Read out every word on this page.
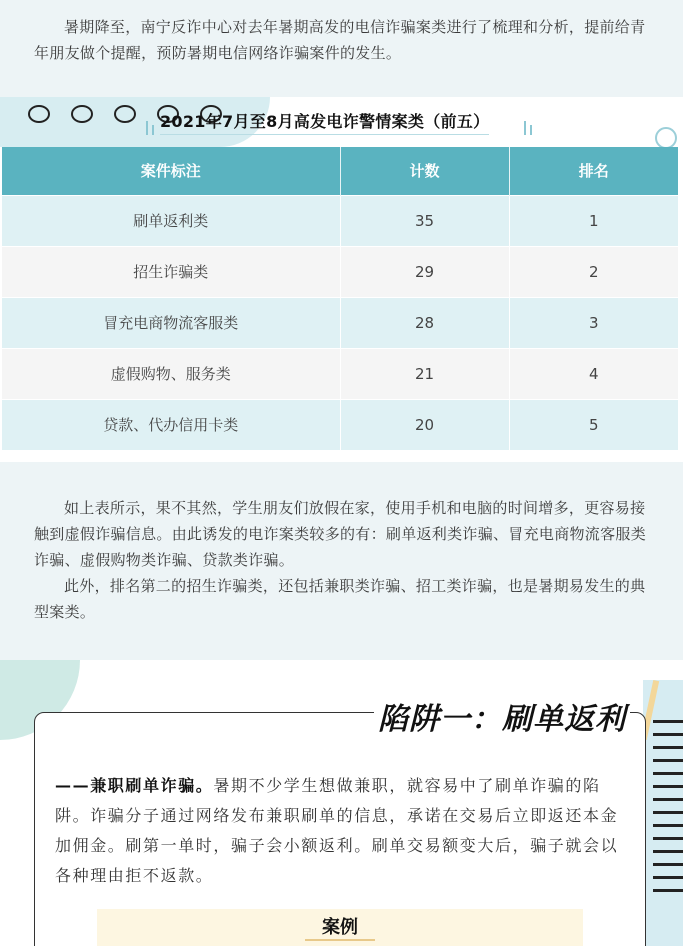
暑期降至，南宁反诈中心对去年暑期高发的电信诈骗案类进行了梳理和分析，提前给青年朋友做个提醒，预防暑期电信网络诈骗案件的发生。

2021年7月至8月高发电诈警情案类（前五）
案件标注	计数	排名
刷单返利类	35	1
招生诈骗类	29	2
冒充电商物流客服类	28	3
虚假购物、服务类	21	4
贷款、代办信用卡类	20	5

如上表所示，果不其然，学生朋友们放假在家，使用手机和电脑的时间增多，更容易接触到虚假诈骗信息。由此诱发的电诈案类较多的有：刷单返利类诈骗、冒充电商物流客服类诈骗、虚假购物类诈骗、贷款类诈骗。

此外，排名第二的招生诈骗类，还包括兼职类诈骗、招工类诈骗，也是暑期易发生的典型案类。

——兼职刷单诈骗。暑期不少学生想做兼职，就容易中了刷单诈骗的陷阱。诈骗分子通过网络发布兼职刷单的信息，承诺在交易后立即返还本金加佣金。刷第一单时，骗子会小额返利。刷单交易额变大后，骗子就会以各种理由拒不返款。

案例
陷阱一：刷单返利
